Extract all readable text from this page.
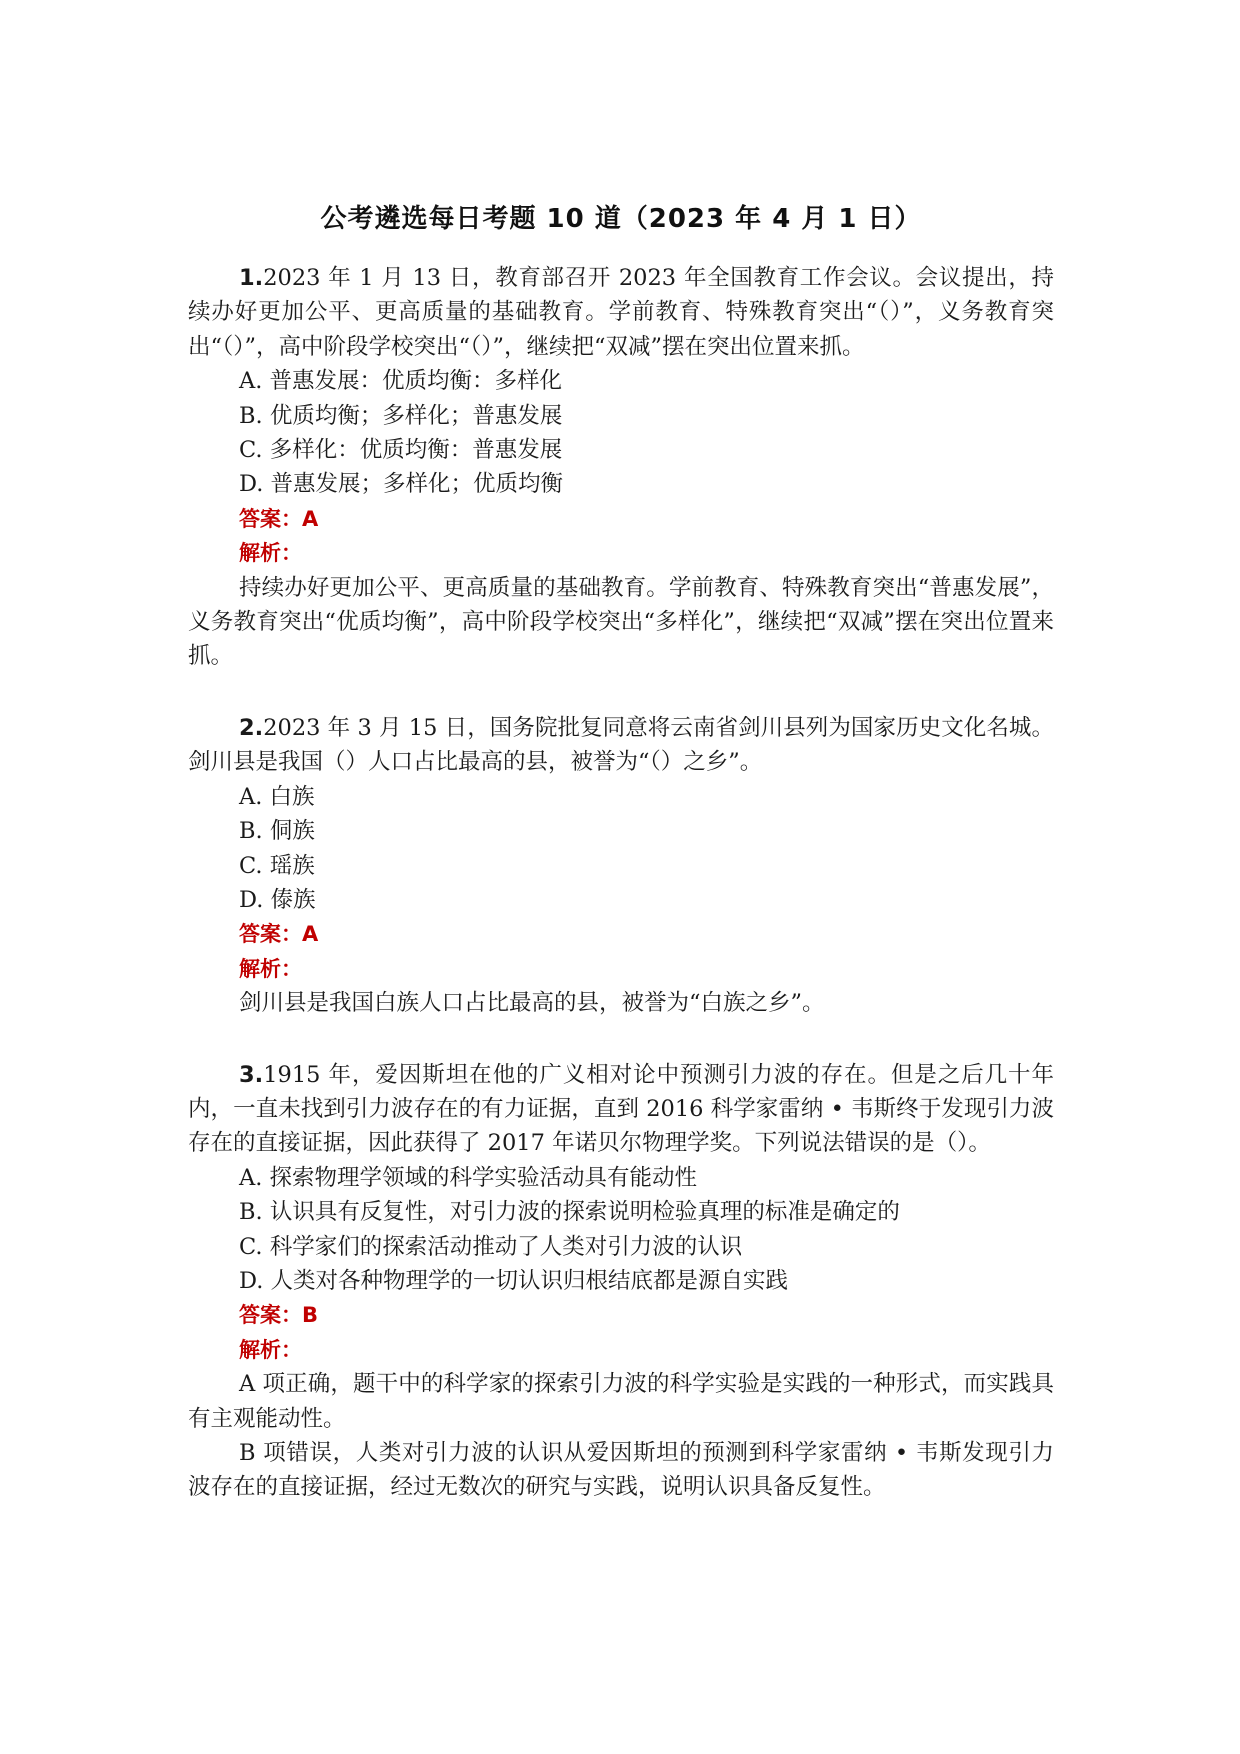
公考遴选每日考题 10 道（2023 年 4 月 1 日）

1.2023 年 1 月 13 日，教育部召开 2023 年全国教育工作会议。会议提出，持续办好更加公平、更高质量的基础教育。学前教育、特殊教育突出“（）”，义务教育突出“（）”，高中阶段学校突出“（）”，继续把“双减”摆在突出位置来抓。

A. 普惠发展：优质均衡：多样化
B. 优质均衡；多样化；普惠发展
C. 多样化：优质均衡：普惠发展
D. 普惠发展；多样化；优质均衡
答案：A
解析：

持续办好更加公平、更高质量的基础教育。学前教育、特殊教育突出“普惠发展”，义务教育突出“优质均衡”，高中阶段学校突出“多样化”，继续把“双减”摆在突出位置来抓。

2.2023 年 3 月 15 日，国务院批复同意将云南省剑川县列为国家历史文化名城。剑川县是我国（）人口占比最高的县，被誉为“（）之乡”。

A. 白族
B. 侗族
C. 瑶族
D. 傣族
答案：A
解析：

剑川县是我国白族人口占比最高的县，被誉为“白族之乡”。

3.1915 年，爱因斯坦在他的广义相对论中预测引力波的存在。但是之后几十年内，一直未找到引力波存在的有力证据，直到 2016 科学家雷纳 • 韦斯终于发现引力波存在的直接证据，因此获得了 2017 年诺贝尔物理学奖。下列说法错误的是（）。

A. 探索物理学领域的科学实验活动具有能动性
B. 认识具有反复性，对引力波的探索说明检验真理的标准是确定的
C. 科学家们的探索活动推动了人类对引力波的认识
D. 人类对各种物理学的一切认识归根结底都是源自实践
答案：B
解析：

A 项正确，题干中的科学家的探索引力波的科学实验是实践的一种形式，而实践具有主观能动性。

B 项错误，人类对引力波的认识从爱因斯坦的预测到科学家雷纳 • 韦斯发现引力波存在的直接证据，经过无数次的研究与实践，说明认识具备反复性。
